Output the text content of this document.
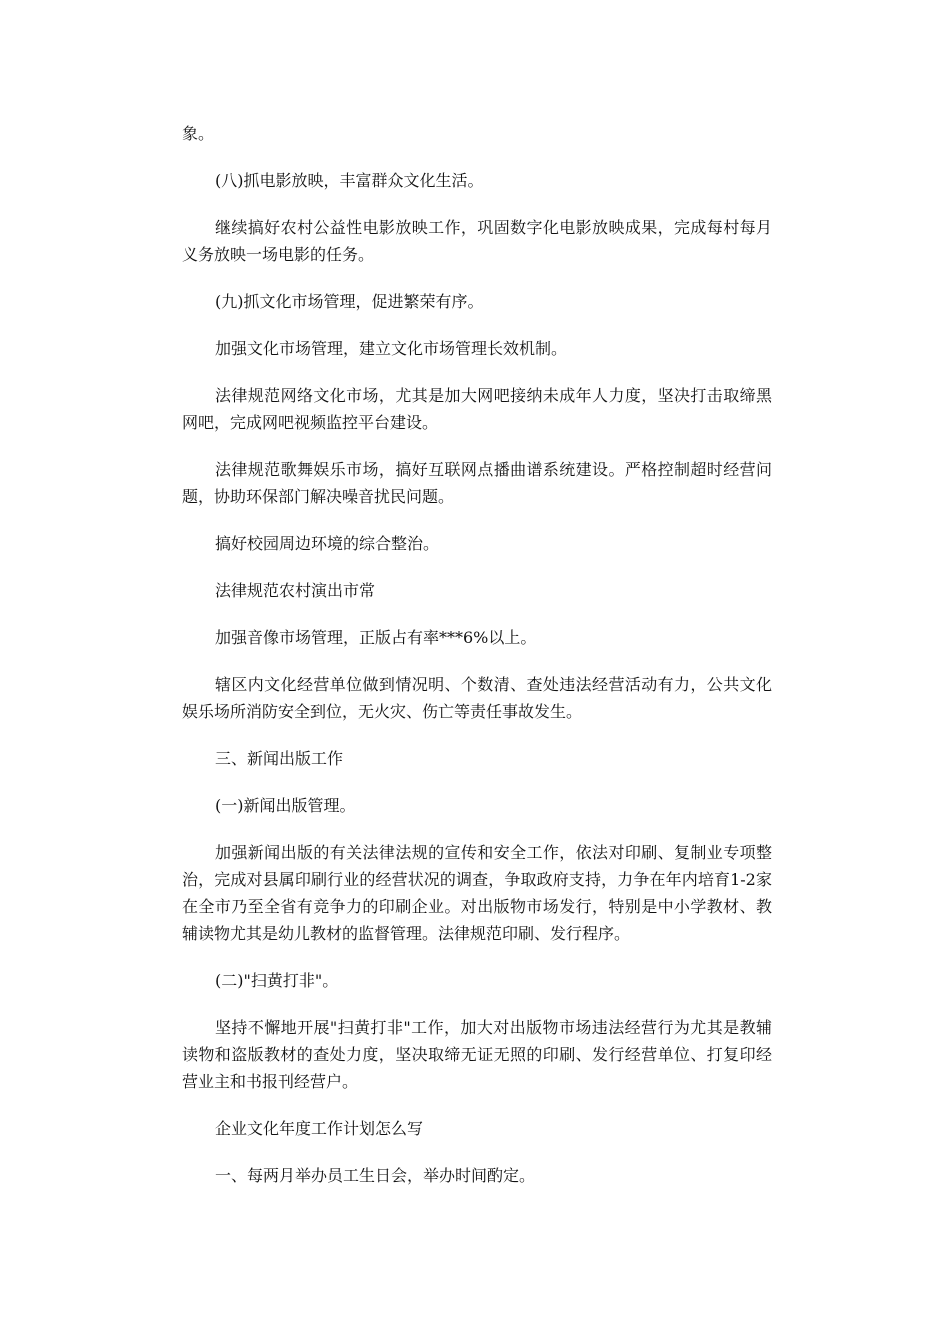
象。

(八)抓电影放映，丰富群众文化生活。

继续搞好农村公益性电影放映工作，巩固数字化电影放映成果，完成每村每月义务放映一场电影的任务。

(九)抓文化市场管理，促进繁荣有序。

加强文化市场管理，建立文化市场管理长效机制。

法律规范网络文化市场，尤其是加大网吧接纳未成年人力度，坚决打击取缔黑网吧，完成网吧视频监控平台建设。

法律规范歌舞娱乐市场，搞好互联网点播曲谱系统建设。严格控制超时经营问题，协助环保部门解决噪音扰民问题。

搞好校园周边环境的综合整治。

法律规范农村演出市常

加强音像市场管理，正版占有率***6%以上。

辖区内文化经营单位做到情况明、个数清、查处违法经营活动有力，公共文化娱乐场所消防安全到位，无火灾、伤亡等责任事故发生。

三、新闻出版工作

(一)新闻出版管理。

加强新闻出版的有关法律法规的宣传和安全工作，依法对印刷、复制业专项整治，完成对县属印刷行业的经营状况的调查，争取政府支持，力争在年内培育1-2家在全市乃至全省有竞争力的印刷企业。对出版物市场发行，特别是中小学教材、教辅读物尤其是幼儿教材的监督管理。法律规范印刷、发行程序。

(二)"扫黄打非"。

坚持不懈地开展"扫黄打非"工作，加大对出版物市场违法经营行为尤其是教辅读物和盗版教材的查处力度，坚决取缔无证无照的印刷、发行经营单位、打复印经营业主和书报刊经营户。

企业文化年度工作计划怎么写

一、每两月举办员工生日会，举办时间酌定。
